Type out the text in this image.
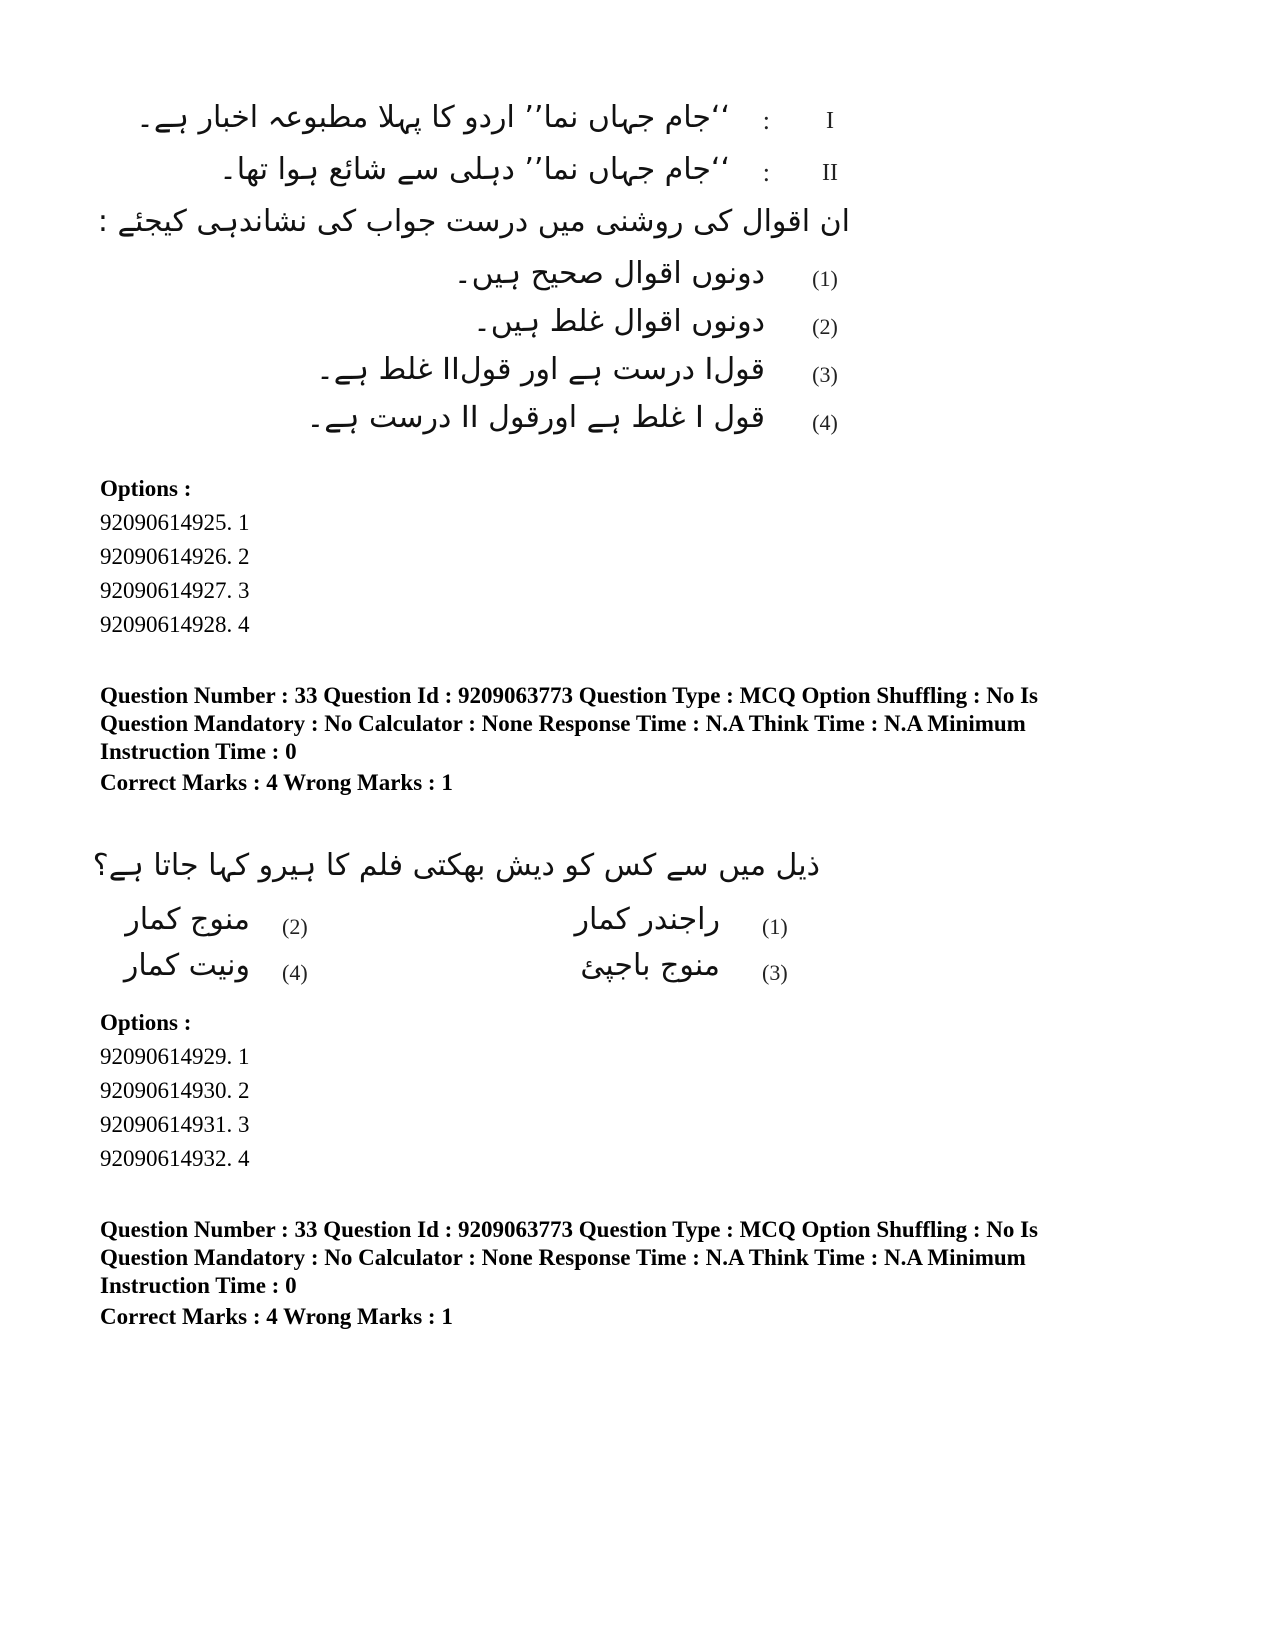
I
:
‘‘جام جہاں نما’’ اردو کا پہلا مطبوعہ اخبار ہے۔
II
:
‘‘جام جہاں نما’’ دہلی سے شائع ہوا تھا۔
ان اقوال کی روشنی میں درست جواب کی نشاندہی کیجئے :
(1)
دونوں اقوال صحیح ہیں۔
(2)
دونوں اقوال غلط ہیں۔
(3)
قولI درست ہے اور قولII غلط ہے۔
(4)
قول I غلط ہے اورقول II درست ہے۔
Options :
92090614925. 1
92090614926. 2
92090614927. 3
92090614928. 4
Question Number : 33 Question Id : 9209063773 Question Type : MCQ Option Shuffling : No Is
Question Mandatory : No Calculator : None Response Time : N.A Think Time : N.A Minimum
Instruction Time : 0
Correct Marks : 4 Wrong Marks : 1
ذیل میں سے کس کو دیش بھکتی فلم کا ہیرو کہا جاتا ہے؟
(1)
راجندر کمار
(2)
منوج کمار
(3)
منوج باجپئ
(4)
ونیت کمار
Options :
92090614929. 1
92090614930. 2
92090614931. 3
92090614932. 4
Question Number : 33 Question Id : 9209063773 Question Type : MCQ Option Shuffling : No Is
Question Mandatory : No Calculator : None Response Time : N.A Think Time : N.A Minimum
Instruction Time : 0
Correct Marks : 4 Wrong Marks : 1
